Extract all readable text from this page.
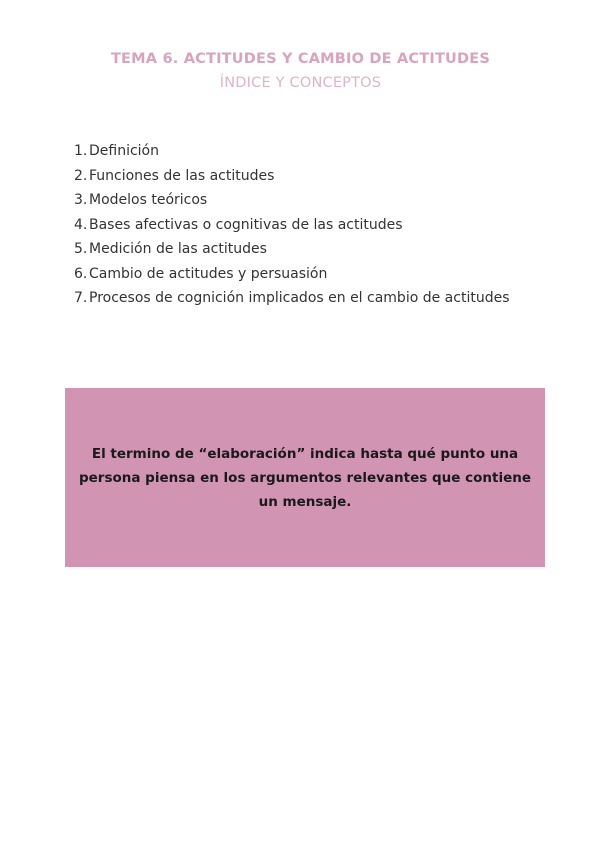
TEMA 6. ACTITUDES Y CAMBIO DE ACTITUDES
ÍNDICE Y CONCEPTOS
1. Definición
2. Funciones de las actitudes
3. Modelos teóricos
4. Bases afectivas o cognitivas de las actitudes
5. Medición de las actitudes
6. Cambio de actitudes y persuasión
7. Procesos de cognición implicados en el cambio de actitudes
El termino de “elaboración” indica hasta qué punto una persona piensa en los argumentos relevantes que contiene un mensaje.
